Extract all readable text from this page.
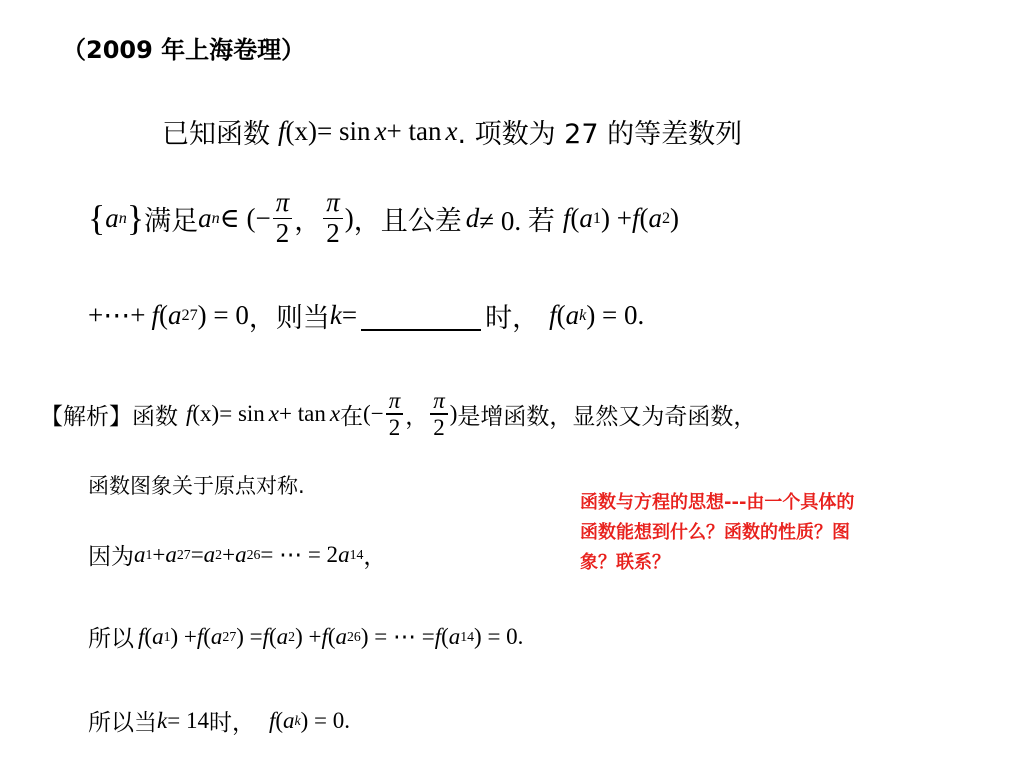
（2009 年上海卷理）
已知函数 f (x) = sin x + tan x . 项数为 27 的等差数列
{ a n } 满足 a n ∈ (− $\frac{\pi}{2}$ ， $\frac{\pi}{2}$ ) ，且公差 d ≠ 0. 若 f ( a 1 ) + f ( a 2 )
+⋯+ f ( a 27 ) = 0 ，则当 k =	时， f ( a k ) = 0.
【解析】 函数 f (x) = sin x + tan x 在 (− $\frac{\pi}{2}$ ， $\frac{\pi}{2}$ ) 是增函数，显然又为奇函数，
函数图象关于原点对称.
因为 a 1 + a 27 = a 2 + a 26 = ⋯ = 2 a 14 ，
所以 f ( a 1 ) + f ( a 27 ) = f ( a 2 ) + f ( a 26 ) = ⋯ = f ( a 14 ) = 0.
所以当 k = 14 时， f ( a k ) = 0.
函数与方程的思想---由一个具体的
函数能想到什么？函数的性质？图
象？联系？
